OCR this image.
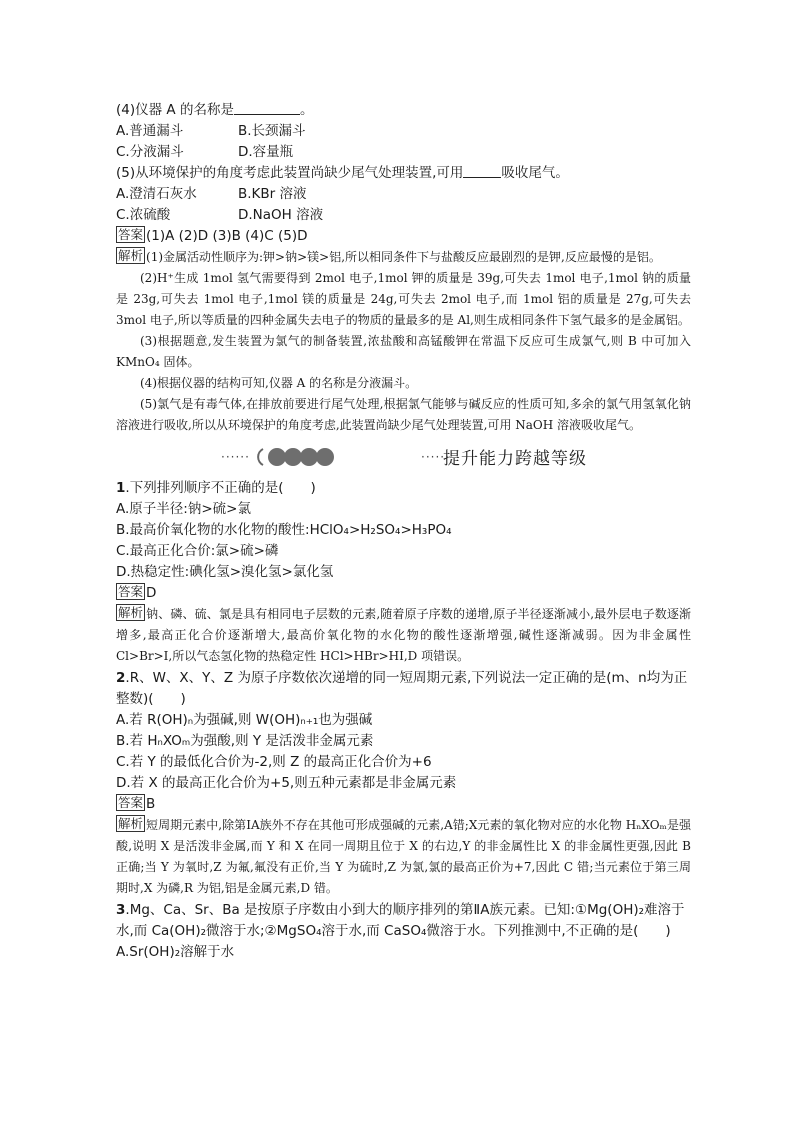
(4)仪器 A 的名称是	。
A.普通漏斗	B.长颈漏斗
C.分液漏斗	D.容量瓶
(5)从环境保护的角度考虑此装置尚缺少尾气处理装置,可用	吸收尾气。
A.澄清石灰水	B.KBr 溶液
C.浓硫酸	D.NaOH 溶液
答案 (1)A (2)D (3)B (4)C (5)D
解析 (1)金属活动性顺序为:钾>钠>镁>铝,所以相同条件下与盐酸反应最剧烈的是钾,反应最慢的是铝。
(2)H⁺生成 1mol 氢气需要得到 2mol 电子,1mol 钾的质量是 39g,可失去 1mol 电子,1mol 钠的质量是 23g,可失去 1mol 电子,1mol 镁的质量是 24g,可失去 2mol 电子,而 1mol 铝的质量是 27g,可失去 3mol 电子,所以等质量的四种金属失去电子的物质的量最多的是 Al,则生成相同条件下氢气最多的是金属铝。
(3)根据题意,发生装置为氯气的制备装置,浓盐酸和高锰酸钾在常温下反应可生成氯气,则 B 中可加入 KMnO₄ 固体。
(4)根据仪器的结构可知,仪器 A 的名称是分液漏斗。
(5)氯气是有毒气体,在排放前要进行尾气处理,根据氯气能够与碱反应的性质可知,多余的氯气用氢氧化钠溶液进行吸收,所以从环境保护的角度考虑,此装置尚缺少尾气处理装置,可用 NaOH 溶液吸收尾气。
······	······
提升能力跨越等级
1.下列排列顺序不正确的是(　　)
A.原子半径:钠>硫>氯
B.最高价氧化物的水化物的酸性:HClO₄>H₂SO₄>H₃PO₄
C.最高正化合价:氯>硫>磷
D.热稳定性:碘化氢>溴化氢>氯化氢
答案 D
解析 钠、磷、硫、氯是具有相同电子层数的元素,随着原子序数的递增,原子半径逐渐减小,最外层电子数逐渐增多,最高正化合价逐渐增大,最高价氧化物的水化物的酸性逐渐增强,碱性逐渐减弱。因为非金属性 Cl>Br>I,所以气态氢化物的热稳定性 HCl>HBr>HI,D 项错误。
2.R、W、X、Y、Z 为原子序数依次递增的同一短周期元素,下列说法一定正确的是(m、n均为正整数)(　　)
A.若 R(OH)ₙ为强碱,则 W(OH)ₙ₊₁也为强碱
B.若 HₙXOₘ为强酸,则 Y 是活泼非金属元素
C.若 Y 的最低化合价为-2,则 Z 的最高正化合价为+6
D.若 X 的最高正化合价为+5,则五种元素都是非金属元素
答案 B
解析 短周期元素中,除第ⅠA族外不存在其他可形成强碱的元素,A错;X元素的氧化物对应的水化物 HₙXOₘ是强酸,说明 X 是活泼非金属,而 Y 和 X 在同一周期且位于 X 的右边,Y 的非金属性比 X 的非金属性更强,因此 B 正确;当 Y 为氧时,Z 为氟,氟没有正价,当 Y 为硫时,Z 为氯,氯的最高正价为+7,因此 C 错;当元素位于第三周期时,X 为磷,R 为铝,铝是金属元素,D 错。
3.Mg、Ca、Sr、Ba 是按原子序数由小到大的顺序排列的第ⅡA族元素。已知:①Mg(OH)₂难溶于水,而 Ca(OH)₂微溶于水;②MgSO₄溶于水,而 CaSO₄微溶于水。下列推测中,不正确的是(　　)
A.Sr(OH)₂溶解于水
